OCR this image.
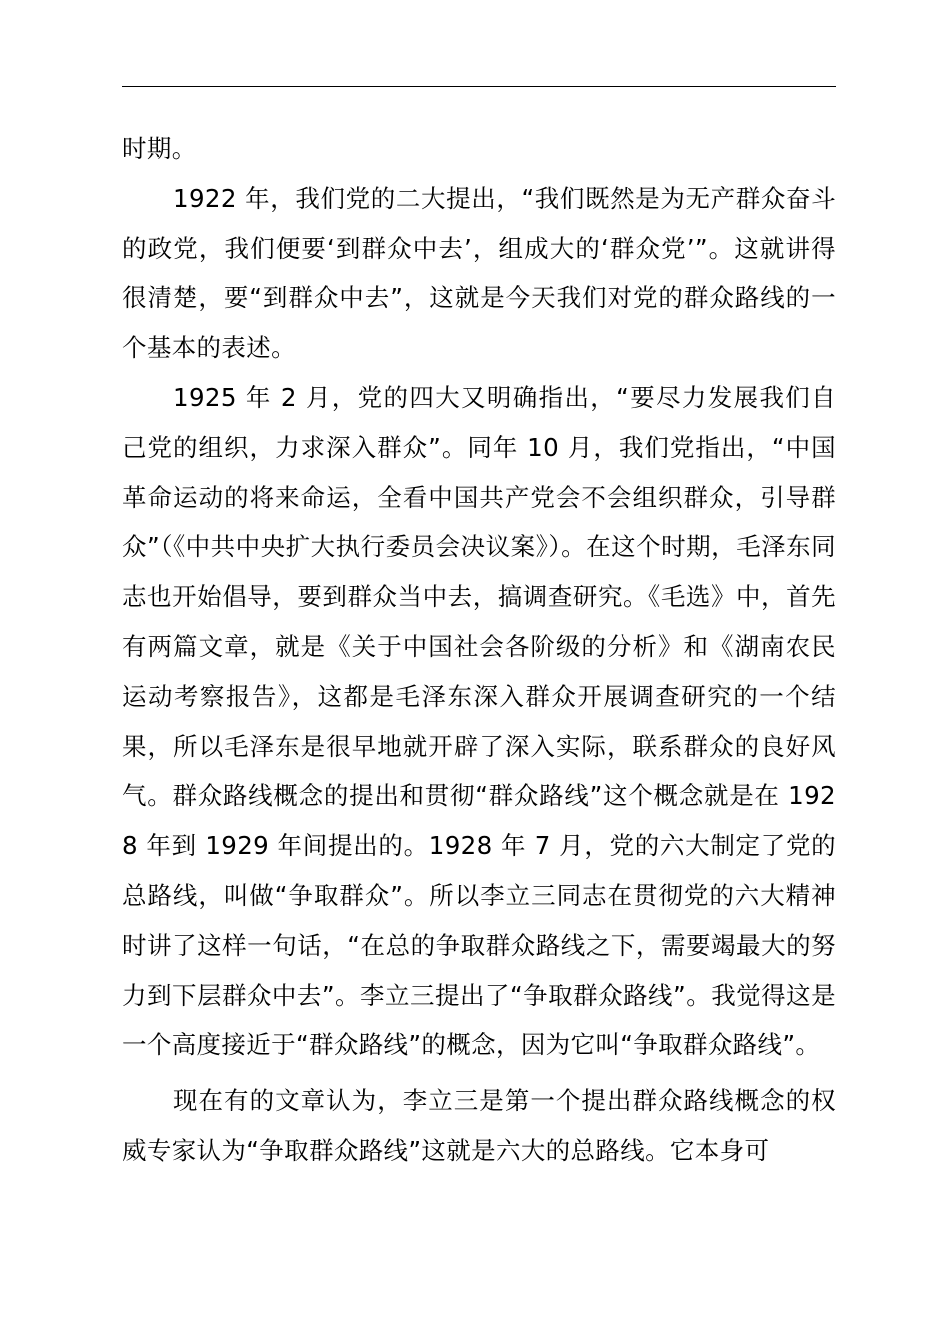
时期。

1922 年，我们党的二大提出，“我们既然是为无产群众奋斗的政党，我们便要‘到群众中去’，组成大的‘群众党’”。这就讲得很清楚，要“到群众中去”，这就是今天我们对党的群众路线的一个基本的表述。

1925 年 2 月，党的四大又明确指出，“要尽力发展我们自己党的组织，力求深入群众”。同年 10 月，我们党指出，“中国革命运动的将来命运，全看中国共产党会不会组织群众，引导群众”（《中共中央扩大执行委员会决议案》）。在这个时期，毛泽东同志也开始倡导，要到群众当中去，搞调查研究。《毛选》中，首先有两篇文章，就是《关于中国社会各阶级的分析》和《湖南农民运动考察报告》，这都是毛泽东深入群众开展调查研究的一个结果，所以毛泽东是很早地就开辟了深入实际，联系群众的良好风气。群众路线概念的提出和贯彻“群众路线”这个概念就是在 1928 年到 1929 年间提出的。1928 年 7 月，党的六大制定了党的总路线，叫做“争取群众”。所以李立三同志在贯彻党的六大精神时讲了这样一句话，“在总的争取群众路线之下，需要竭最大的努力到下层群众中去”。李立三提出了“争取群众路线”。我觉得这是一个高度接近于“群众路线”的概念，因为它叫“争取群众路线”。

现在有的文章认为，李立三是第一个提出群众路线概念的权威专家认为“争取群众路线”这就是六大的总路线。它本身可
